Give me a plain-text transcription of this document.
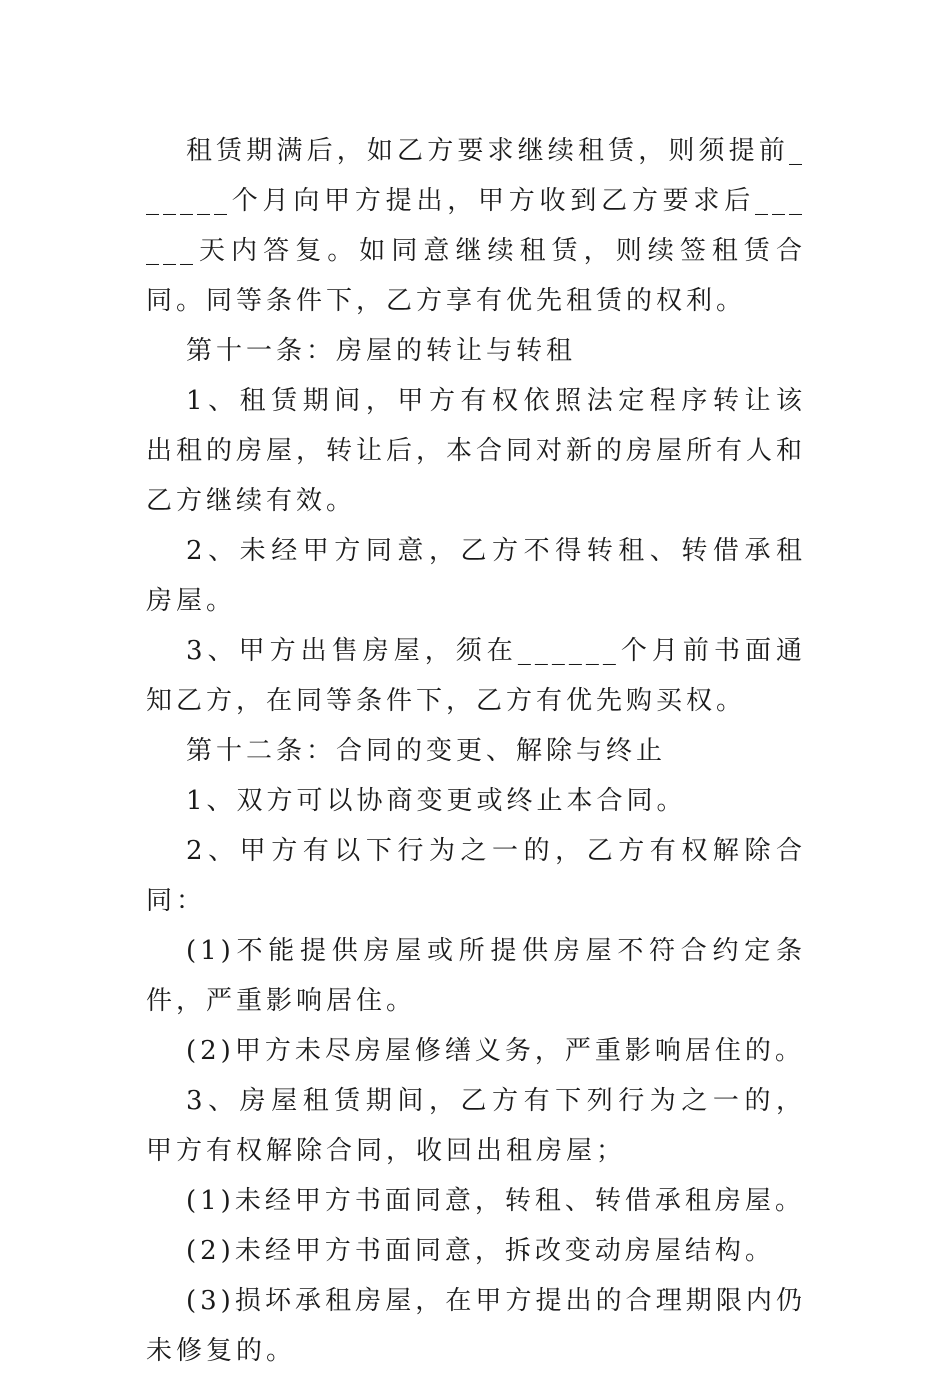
租赁期满后，如乙方要求继续租赁，则须提前______个月向甲方提出，甲方收到乙方要求后______天内答复。如同意继续租赁，则续签租赁合同。同等条件下，乙方享有优先租赁的权利。

第十一条：房屋的转让与转租

1、租赁期间，甲方有权依照法定程序转让该出租的房屋，转让后，本合同对新的房屋所有人和乙方继续有效。

2、未经甲方同意，乙方不得转租、转借承租房屋。

3、甲方出售房屋，须在______个月前书面通知乙方，在同等条件下，乙方有优先购买权。

第十二条：合同的变更、解除与终止

1、双方可以协商变更或终止本合同。

2、甲方有以下行为之一的，乙方有权解除合同：

(1)不能提供房屋或所提供房屋不符合约定条件，严重影响居住。

(2)甲方未尽房屋修缮义务，严重影响居住的。

3、房屋租赁期间，乙方有下列行为之一的，甲方有权解除合同，收回出租房屋；

(1)未经甲方书面同意，转租、转借承租房屋。

(2)未经甲方书面同意，拆改变动房屋结构。

(3)损坏承租房屋，在甲方提出的合理期限内仍未修复的。
